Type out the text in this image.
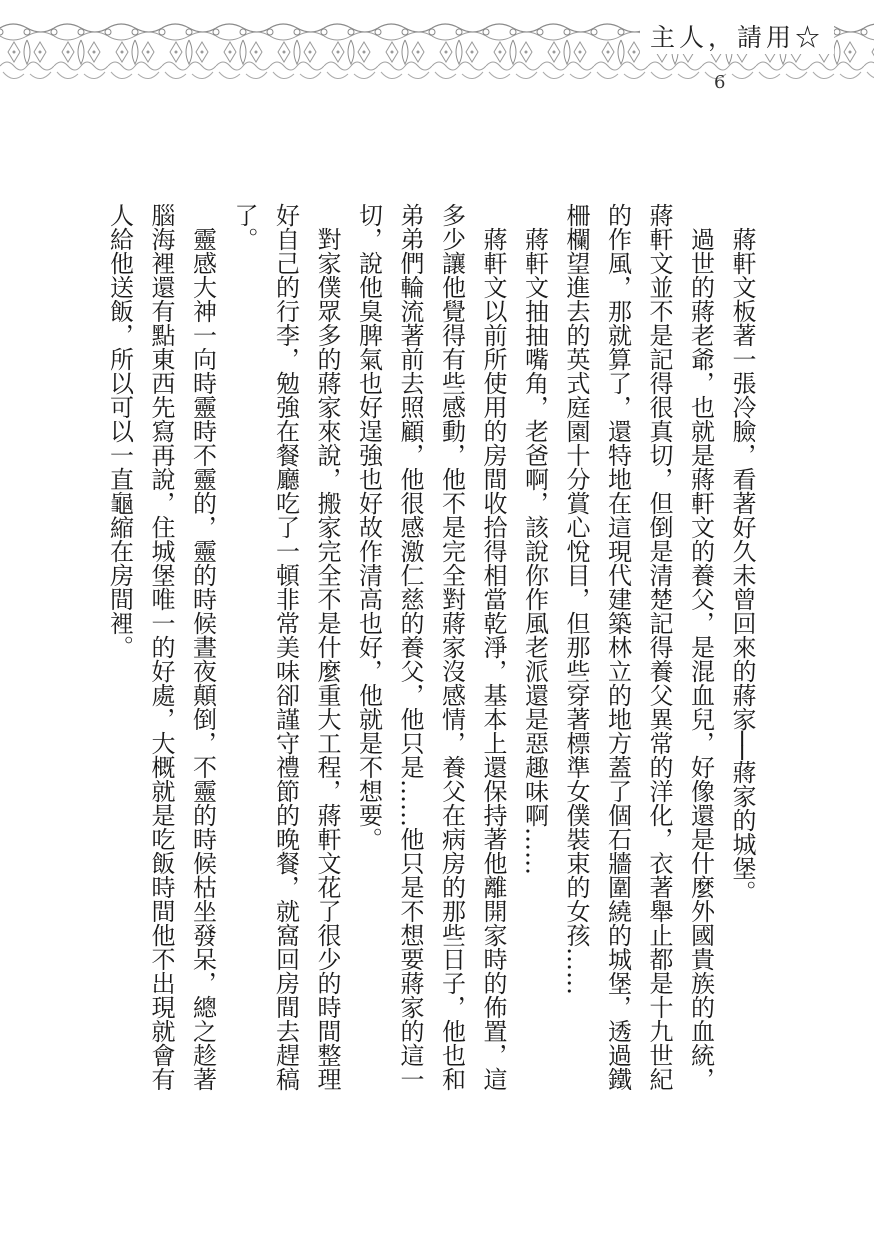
主人，請用☆
6

蔣軒文板著一張冷臉，看著好久未曾回來的蔣家──蔣家的城堡。

過世的蔣老爺，也就是蔣軒文的養父，是混血兒，好像還是什麼外國貴族的血統，蔣軒文並不是記得很真切，但倒是清楚記得養父異常的洋化，衣著舉止都是十九世紀的作風，那就算了，還特地在這現代建築林立的地方蓋了個石牆圍繞的城堡，透過鐵柵欄望進去的英式庭園十分賞心悅目，但那些穿著標準女僕裝束的女孩……

蔣軒文抽抽嘴角，老爸啊，該說你作風老派還是惡趣味啊……

蔣軒文以前所使用的房間收拾得相當乾淨，基本上還保持著他離開家時的佈置，這多少讓他覺得有些感動，他不是完全對蔣家沒感情，養父在病房的那些日子，他也和弟弟們輪流著前去照顧，他很感激仁慈的養父，他只是……他只是不想要蔣家的這一切，說他臭脾氣也好逞強也好故作清高也好，他就是不想要。

對家僕眾多的蔣家來說，搬家完全不是什麼重大工程，蔣軒文花了很少的時間整理好自己的行李，勉強在餐廳吃了一頓非常美味卻謹守禮節的晚餐，就窩回房間去趕稿了。

靈感大神一向時靈時不靈的，靈的時候晝夜顛倒，不靈的時候枯坐發呆，總之趁著腦海裡還有點東西先寫再說，住城堡唯一的好處，大概就是吃飯時間他不出現就會有人給他送飯，所以可以一直龜縮在房間裡。
